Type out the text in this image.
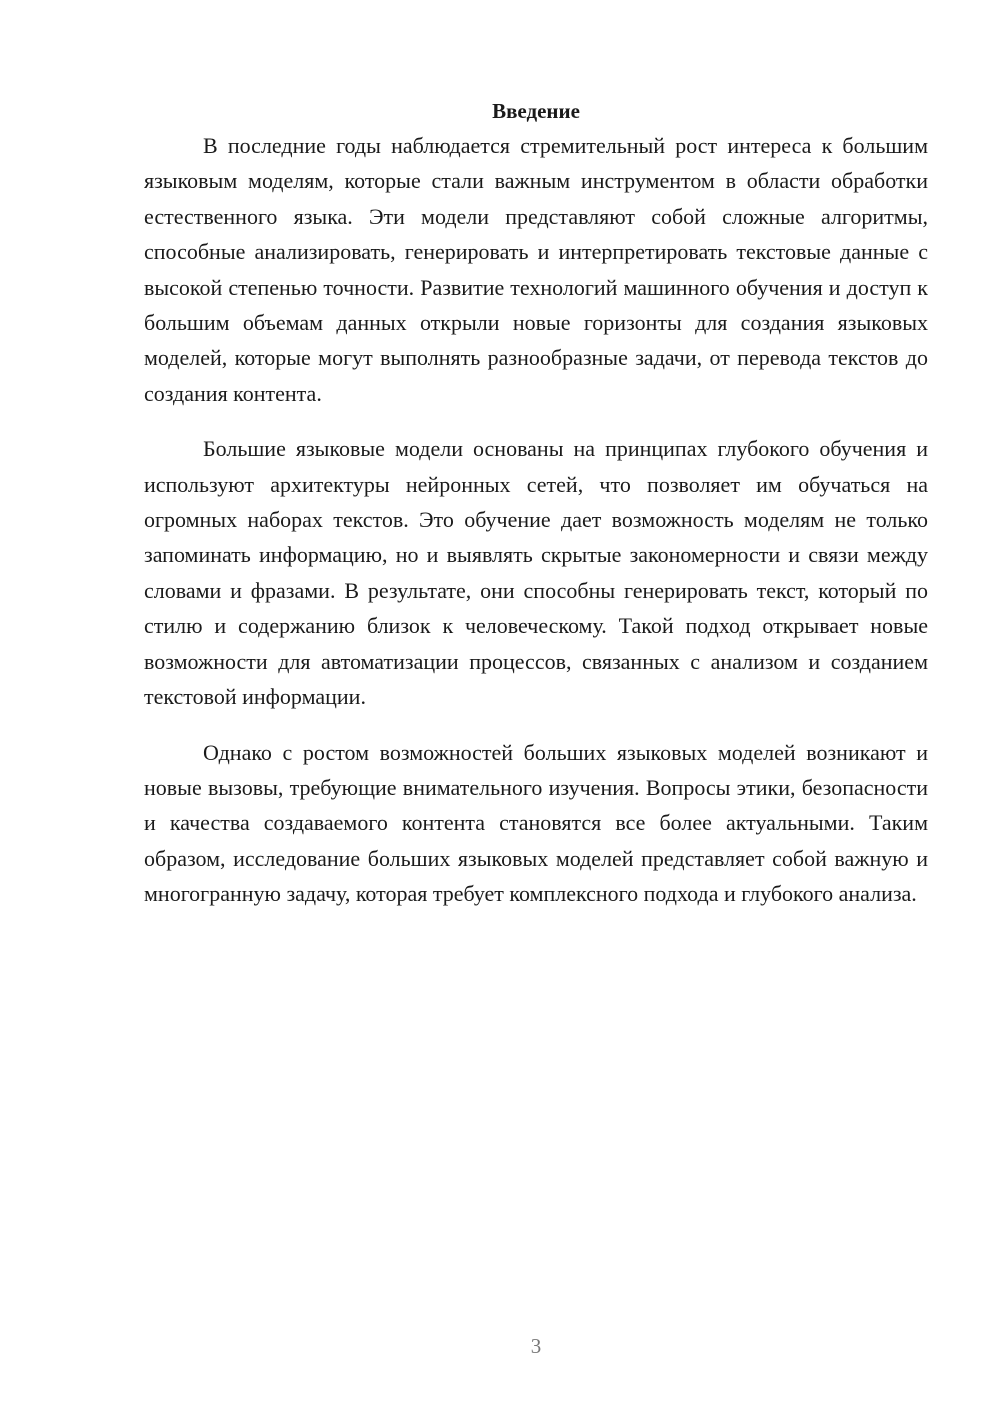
Введение

В последние годы наблюдается стремительный рост интереса к большим языковым моделям, которые стали важным инструментом в области обработки естественного языка. Эти модели представляют собой сложные алгоритмы, способные анализировать, генерировать и интерпретировать текстовые данные с высокой степенью точности. Развитие технологий машинного обучения и доступ к большим объемам данных открыли новые горизонты для создания языковых моделей, которые могут выполнять разнообразные задачи, от перевода текстов до создания контента.

Большие языковые модели основаны на принципах глубокого обучения и используют архитектуры нейронных сетей, что позволяет им обучаться на огромных наборах текстов. Это обучение дает возможность моделям не только запоминать информацию, но и выявлять скрытые закономерности и связи между словами и фразами. В результате, они способны генерировать текст, который по стилю и содержанию близок к человеческому. Такой подход открывает новые возможности для автоматизации процессов, связанных с анализом и созданием текстовой информации.

Однако с ростом возможностей больших языковых моделей возникают и новые вызовы, требующие внимательного изучения. Вопросы этики, безопасности и качества создаваемого контента становятся все более актуальными. Таким образом, исследование больших языковых моделей представляет собой важную и многогранную задачу, которая требует комплексного подхода и глубокого анализа.

3
